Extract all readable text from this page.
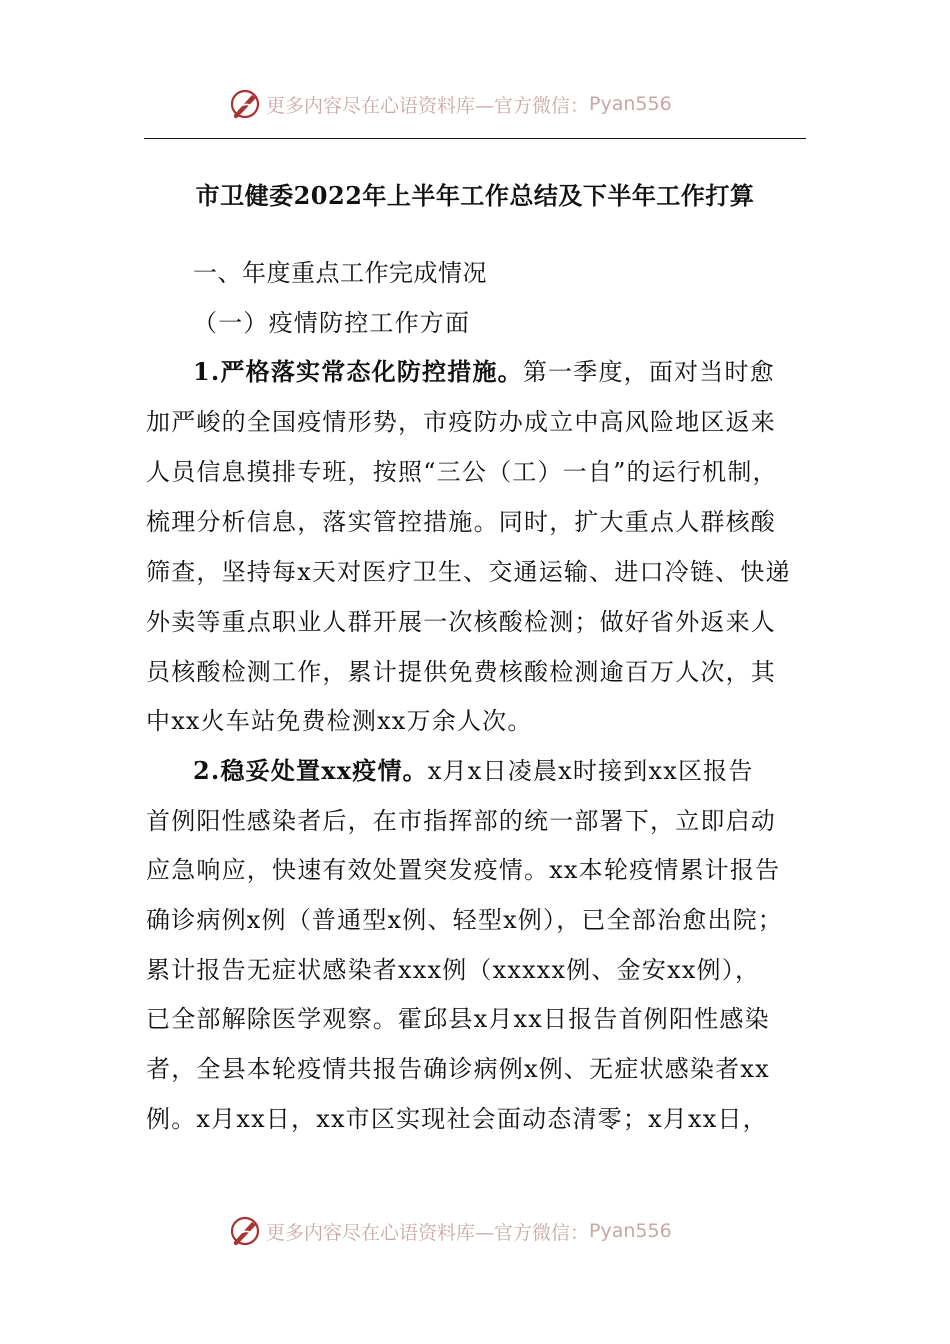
更多内容尽在心语资料库—官方微信： Pyan556
市卫健委2022年上半年工作总结及下半年工作打算
一、年度重点工作完成情况
（一）疫情防控工作方面
1.严格落实常态化防控措施。第一季度，面对当时愈
加严峻的全国疫情形势，市疫防办成立中高风险地区返来
人员信息摸排专班，按照“三公（工）一自”的运行机制，
梳理分析信息，落实管控措施。同时，扩大重点人群核酸
筛查，坚持每x天对医疗卫生、交通运输、进口冷链、快递
外卖等重点职业人群开展一次核酸检测；做好省外返来人
员核酸检测工作，累计提供免费核酸检测逾百万人次，其
中xx火车站免费检测xx万余人次。
2.稳妥处置xx疫情。x月x日凌晨x时接到xx区报告
首例阳性感染者后，在市指挥部的统一部署下，立即启动
应急响应，快速有效处置突发疫情。xx本轮疫情累计报告
确诊病例x例（普通型x例、轻型x例），已全部治愈出院；
累计报告无症状感染者xxx例（xxxxx例、金安xx例），
已全部解除医学观察。霍邱县x月xx日报告首例阳性感染
者，全县本轮疫情共报告确诊病例x例、无症状感染者xx
例。x月xx日，xx市区实现社会面动态清零；x月xx日，
更多内容尽在心语资料库—官方微信： Pyan556
